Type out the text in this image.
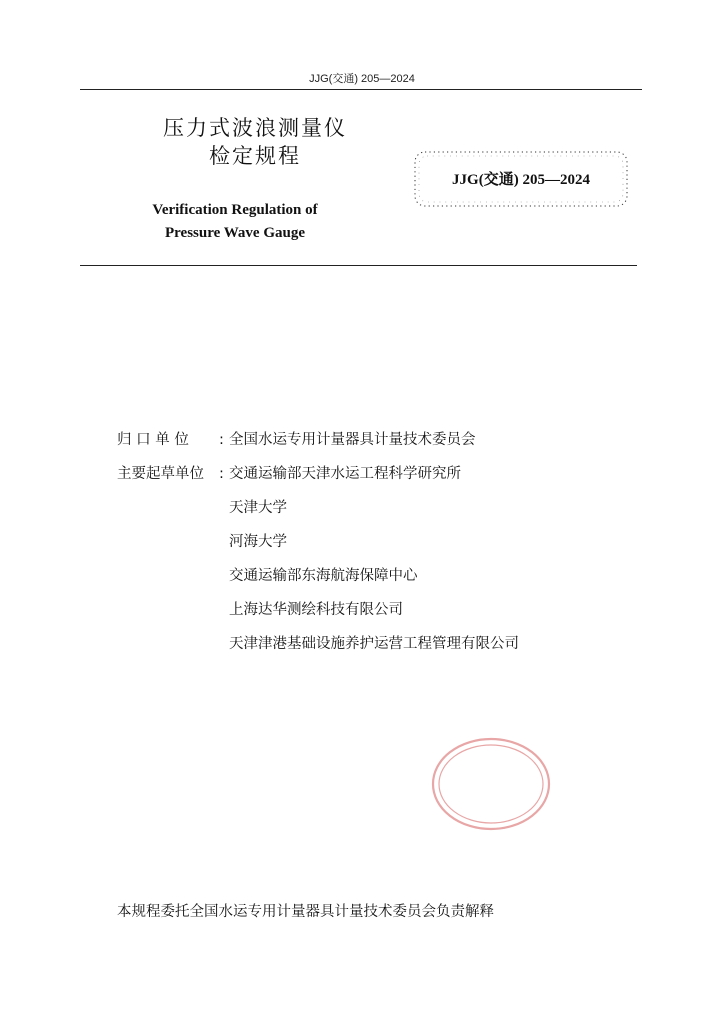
JJG(交通) 205—2024
压力式波浪测量仪
检定规程
Verification Regulation of
Pressure Wave Gauge
JJG(交通) 205—2024
归 口 单 位 : 全国水运专用计量器具计量技术委员会
主要起草单位 : 交通运输部天津水运工程科学研究所
天津大学
河海大学
交通运输部东海航海保障中心
上海达华测绘科技有限公司
天津津港基础设施养护运营工程管理有限公司
本规程委托全国水运专用计量器具计量技术委员会负责解释
